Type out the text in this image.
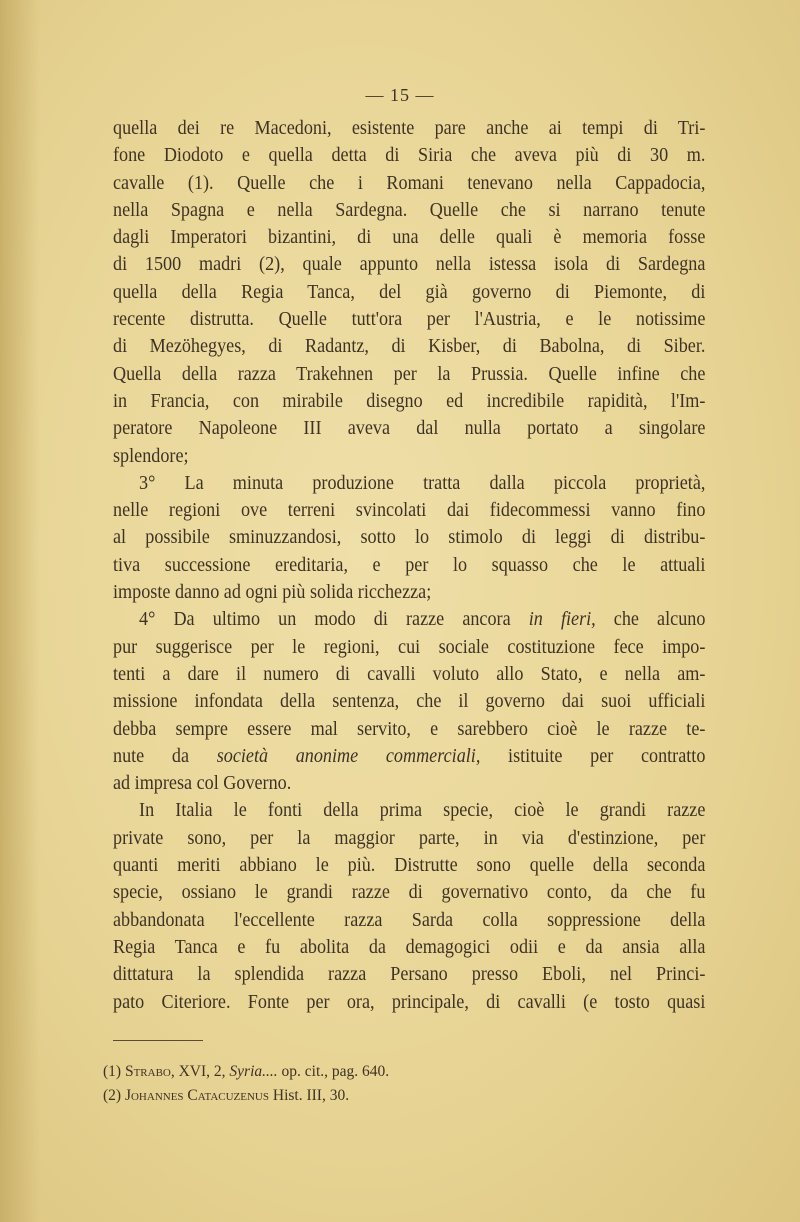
— 15 —
quella dei re Macedoni, esistente pare anche ai tempi di Tri-
fone Diodoto e quella detta di Siria che aveva più di 30 m.
cavalle (1). Quelle che i Romani tenevano nella Cappadocia,
nella Spagna e nella Sardegna. Quelle che si narrano tenute
dagli Imperatori bizantini, di una delle quali è memoria fosse
di 1500 madri (2), quale appunto nella istessa isola di Sardegna
quella della Regia Tanca, del già governo di Piemonte, di
recente distrutta. Quelle tutt'ora per l'Austria, e le notissime
di Mezöhegyes, di Radantz, di Kisber, di Babolna, di Siber.
Quella della razza Trakehnen per la Prussia. Quelle infine che
in Francia, con mirabile disegno ed incredibile rapidità, l'Im-
peratore Napoleone III aveva dal nulla portato a singolare
splendore;
3° La minuta produzione tratta dalla piccola proprietà,
nelle regioni ove terreni svincolati dai fidecommessi vanno fino
al possibile sminuzzandosi, sotto lo stimolo di leggi di distribu-
tiva successione ereditaria, e per lo squasso che le attuali
imposte danno ad ogni più solida ricchezza;
4° Da ultimo un modo di razze ancora in fieri, che alcuno
pur suggerisce per le regioni, cui sociale costituzione fece impo-
tenti a dare il numero di cavalli voluto allo Stato, e nella am-
missione infondata della sentenza, che il governo dai suoi ufficiali
debba sempre essere mal servito, e sarebbero cioè le razze te-
nute da società anonime commerciali, istituite per contratto
ad impresa col Governo.
In Italia le fonti della prima specie, cioè le grandi razze
private sono, per la maggior parte, in via d'estinzione, per
quanti meriti abbiano le più. Distrutte sono quelle della seconda
specie, ossiano le grandi razze di governativo conto, da che fu
abbandonata l'eccellente razza Sarda colla soppressione della
Regia Tanca e fu abolita da demagogici odii e da ansia alla
dittatura la splendida razza Persano presso Eboli, nel Princi-
pato Citeriore. Fonte per ora, principale, di cavalli (e tosto quasi
(1) Strabo, XVI, 2, Syria.... op. cit., pag. 640.
(2) Johannes Catacuzenus Hist. III, 30.
